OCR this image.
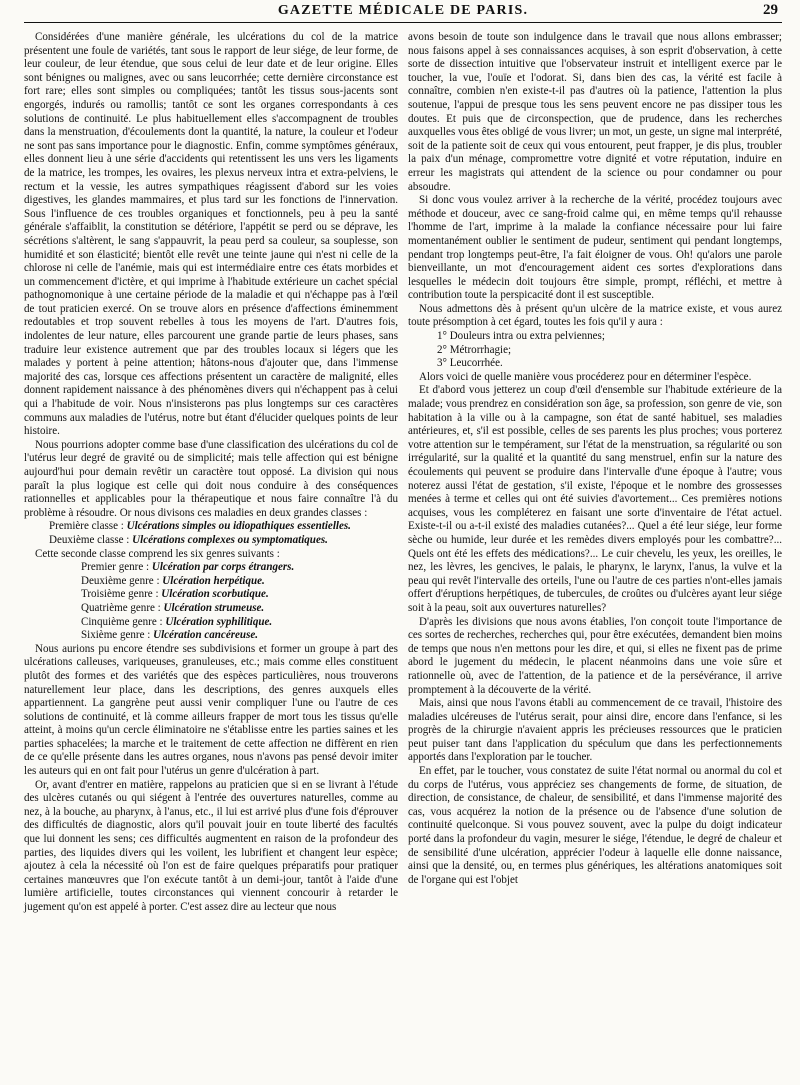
GAZETTE MÉDICALE DE PARIS.	29

Considérées d'une manière générale, les ulcérations du col de la matrice présentent une foule de variétés, tant sous le rapport de leur siége, de leur forme, de leur couleur, de leur étendue, que sous celui de leur date et de leur origine. Elles sont bénignes ou malignes, avec ou sans leucorrhée; cette dernière circonstance est fort rare; elles sont simples ou compliquées; tantôt les tissus sous-jacents sont engorgés, indurés ou ramollis; tantôt ce sont les organes correspondants à ces solutions de continuité. Le plus habituellement elles s'accompagnent de troubles dans la menstruation, d'écoulements dont la quantité, la nature, la couleur et l'odeur ne sont pas sans importance pour le diagnostic. Enfin, comme symptômes généraux, elles donnent lieu à une série d'accidents qui retentissent les uns vers les ligaments de la matrice, les trompes, les ovaires, les plexus nerveux intra et extra-pelviens, le rectum et la vessie, les autres sympathiques réagissent d'abord sur les voies digestives, les glandes mammaires, et plus tard sur les fonctions de l'innervation. Sous l'influence de ces troubles organiques et fonctionnels, peu à peu la santé générale s'affaiblit, la constitution se détériore, l'appétit se perd ou se déprave, les sécrétions s'altèrent, le sang s'appauvrit, la peau perd sa couleur, sa souplesse, son humidité et son élasticité; bientôt elle revêt une teinte jaune qui n'est ni celle de la chlorose ni celle de l'anémie, mais qui est intermédiaire entre ces états morbides et un commencement d'ictère, et qui imprime à l'habitude extérieure un cachet spécial pathognomonique à une certaine période de la maladie et qui n'échappe pas à l'œil de tout praticien exercé. On se trouve alors en présence d'affections éminemment redoutables et trop souvent rebelles à tous les moyens de l'art. D'autres fois, indolentes de leur nature, elles parcourent une grande partie de leurs phases, sans traduire leur existence autrement que par des troubles locaux si légers que les malades y portent à peine attention; hâtons-nous d'ajouter que, dans l'immense majorité des cas, lorsque ces affections présentent un caractère de malignité, elles donnent rapidement naissance à des phénomènes divers qui n'échappent pas à celui qui a l'habitude de voir. Nous n'insisterons pas plus longtemps sur ces caractères communs aux maladies de l'utérus, notre but étant d'élucider quelques points de leur histoire.

Nous pourrions adopter comme base d'une classification des ulcérations du col de l'utérus leur degré de gravité ou de simplicité; mais telle affection qui est bénigne aujourd'hui pour demain revêtir un caractère tout opposé. La division qui nous paraît la plus logique est celle qui doit nous conduire à des conséquences rationnelles et applicables pour la thérapeutique et nous faire connaître l'à du problème à résoudre. Or nous divisons ces maladies en deux grandes classes :

Première classe : Ulcérations simples ou idiopathiques essentielles.

Deuxième classe : Ulcérations complexes ou symptomatiques.

Cette seconde classe comprend les six genres suivants :

Premier genre : Ulcération par corps étrangers.

Deuxième genre : Ulcération herpétique.

Troisième genre : Ulcération scorbutique.

Quatrième genre : Ulcération strumeuse.

Cinquième genre : Ulcération syphilitique.

Sixième genre : Ulcération cancéreuse.

Nous aurions pu encore étendre ses subdivisions et former un groupe à part des ulcérations calleuses, variqueuses, granuleuses, etc.; mais comme elles constituent plutôt des formes et des variétés que des espèces particulières, nous trouverons naturellement leur place, dans les descriptions, des genres auxquels elles appartiennent. La gangrène peut aussi venir compliquer l'une ou l'autre de ces solutions de continuité, et là comme ailleurs frapper de mort tous les tissus qu'elle atteint, à moins qu'un cercle éliminatoire ne s'établisse entre les parties saines et les parties sphacelées; la marche et le traitement de cette affection ne diffèrent en rien de ce qu'elle présente dans les autres organes, nous n'avons pas pensé devoir imiter les auteurs qui en ont fait pour l'utérus un genre d'ulcération à part.

Or, avant d'entrer en matière, rappelons au praticien que si en se livrant à l'étude des ulcères cutanés ou qui siégent à l'entrée des ouvertures naturelles, comme au nez, à la bouche, au pharynx, à l'anus, etc., il lui est arrivé plus d'une fois d'éprouver des difficultés de diagnostic, alors qu'il pouvait jouir en toute liberté des facultés que lui donnent les sens; ces difficultés augmentent en raison de la profondeur des parties, des liquides divers qui les voilent, les lubrifient et changent leur espèce; ajoutez à cela la nécessité où l'on est de faire quelques préparatifs pour pratiquer certaines manœuvres que l'on exécute tantôt à un demi-jour, tantôt à l'aide d'une lumière artificielle, toutes circonstances qui viennent concourir à retarder le jugement qu'on est appelé à porter. C'est assez dire au lecteur que nous

avons besoin de toute son indulgence dans le travail que nous allons embrasser; nous faisons appel à ses connaissances acquises, à son esprit d'observation, à cette sorte de dissection intuitive que l'observateur instruit et intelligent exerce par le toucher, la vue, l'ouïe et l'odorat. Si, dans bien des cas, la vérité est facile à connaître, combien n'en existe-t-il pas d'autres où la patience, l'attention la plus soutenue, l'appui de presque tous les sens peuvent encore ne pas dissiper tous les doutes. Et puis que de circonspection, que de prudence, dans les recherches auxquelles vous êtes obligé de vous livrer; un mot, un geste, un signe mal interprété, soit de la patiente soit de ceux qui vous entourent, peut frapper, je dis plus, troubler la paix d'un ménage, compromettre votre dignité et votre réputation, induire en erreur les magistrats qui attendent de la science ou pour condamner ou pour absoudre.

Si donc vous voulez arriver à la recherche de la vérité, procédez toujours avec méthode et douceur, avec ce sang-froid calme qui, en même temps qu'il rehausse l'homme de l'art, imprime à la malade la confiance nécessaire pour lui faire momentanément oublier le sentiment de pudeur, sentiment qui pendant longtemps, pendant trop longtemps peut-être, l'a fait éloigner de vous. Oh! qu'alors une parole bienveillante, un mot d'encouragement aident ces sortes d'explorations dans lesquelles le médecin doit toujours être simple, prompt, réfléchi, et mettre à contribution toute la perspicacité dont il est susceptible.

Nous admettons dès à présent qu'un ulcère de la matrice existe, et vous aurez toute présomption à cet égard, toutes les fois qu'il y aura :

1° Douleurs intra ou extra pelviennes;

2° Métrorrhagie;

3° Leucorrhée.

Alors voici de quelle manière vous procéderez pour en déterminer l'espèce.

Et d'abord vous jetterez un coup d'œil d'ensemble sur l'habitude extérieure de la malade; vous prendrez en considération son âge, sa profession, son genre de vie, son habitation à la ville ou à la campagne, son état de santé habituel, ses maladies antérieures, et, s'il est possible, celles de ses parents les plus proches; vous porterez votre attention sur le tempérament, sur l'état de la menstruation, sa régularité ou son irrégularité, sur la qualité et la quantité du sang menstruel, enfin sur la nature des écoulements qui peuvent se produire dans l'intervalle d'une époque à l'autre; vous noterez aussi l'état de gestation, s'il existe, l'époque et le nombre des grossesses menées à terme et celles qui ont été suivies d'avortement... Ces premières notions acquises, vous les compléterez en faisant une sorte d'inventaire de l'état actuel. Existe-t-il ou a-t-il existé des maladies cutanées?... Quel a été leur siége, leur forme sèche ou humide, leur durée et les remèdes divers employés pour les combattre?... Quels ont été les effets des médications?... Le cuir chevelu, les yeux, les oreilles, le nez, les lèvres, les gencives, le palais, le pharynx, le larynx, l'anus, la vulve et la peau qui revêt l'intervalle des orteils, l'une ou l'autre de ces parties n'ont-elles jamais offert d'éruptions herpétiques, de tubercules, de croûtes ou d'ulcères ayant leur siége soit à la peau, soit aux ouvertures naturelles?

D'après les divisions que nous avons établies, l'on conçoit toute l'importance de ces sortes de recherches, recherches qui, pour être exécutées, demandent bien moins de temps que nous n'en mettons pour les dire, et qui, si elles ne fixent pas de prime abord le jugement du médecin, le placent néanmoins dans une voie sûre et rationnelle où, avec de l'attention, de la patience et de la persévérance, il arrive promptement à la découverte de la vérité.

Mais, ainsi que nous l'avons établi au commencement de ce travail, l'histoire des maladies ulcéreuses de l'utérus serait, pour ainsi dire, encore dans l'enfance, si les progrès de la chirurgie n'avaient appris les précieuses ressources que le praticien peut puiser tant dans l'application du spéculum que dans les perfectionnements apportés dans l'exploration par le toucher.

En effet, par le toucher, vous constatez de suite l'état normal ou anormal du col et du corps de l'utérus, vous appréciez ses changements de forme, de situation, de direction, de consistance, de chaleur, de sensibilité, et dans l'immense majorité des cas, vous acquérez la notion de la présence ou de l'absence d'une solution de continuité quelconque. Si vous pouvez souvent, avec la pulpe du doigt indicateur porté dans la profondeur du vagin, mesurer le siége, l'étendue, le degré de chaleur et de sensibilité d'une ulcération, apprécier l'odeur à laquelle elle donne naissance, ainsi que la densité, ou, en termes plus génériques, les altérations anatomiques soit de l'organe qui est l'objet
